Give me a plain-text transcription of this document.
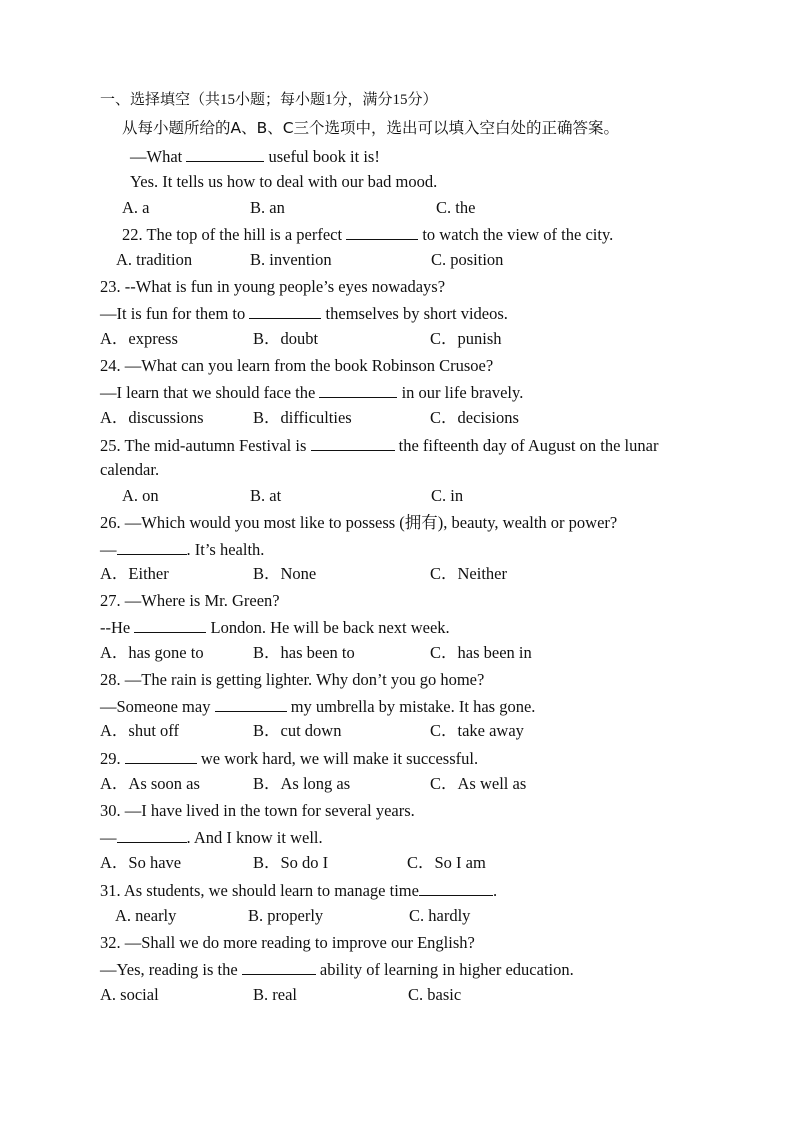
一、选择填空（共15小题；每小题1分，满分15分）
从每小题所给的A、B、C三个选项中，选出可以填入空白处的正确答案。
—What	useful book it is!
Yes. It tells us how to deal with our bad mood.
A. a	B. an	C. the
22. The top of the hill is a perfect	to watch the view of the city.
A. tradition	B. invention	C. position
23. --What is fun in young people’s eyes nowadays?
—It is fun for them to	themselves by short videos.
A．express	B．doubt	C．punish
24. —What can you learn from the book Robinson Crusoe?
—I learn that we should face the	in our life bravely.
A．discussions	B．difficulties	C．decisions
25. The mid-autumn Festival is	the fifteenth day of August on the lunar
calendar.
A. on	B. at	C. in
26. —Which would you most like to possess (拥有), beauty, wealth or power?
—	. It’s health.
A．Either	B．None	C．Neither
27. —Where is Mr. Green?
--He	London. He will be back next week.
A．has gone to	B．has been to	C．has been in
28. —The rain is getting lighter. Why don’t you go home?
—Someone may	my umbrella by mistake. It has gone.
A．shut off	B．cut down	C．take away
29.	we work hard, we will make it successful.
A．As soon as	B．As long as	C．As well as
30. —I have lived in the town for several years.
—	. And I know it well.
A．So have	B．So do I	C．So I am
31. As students, we should learn to manage time	.
A. nearly	B. properly	C. hardly
32. —Shall we do more reading to improve our English?
—Yes, reading is the	ability of learning in higher education.
A. social	B. real	C. basic
